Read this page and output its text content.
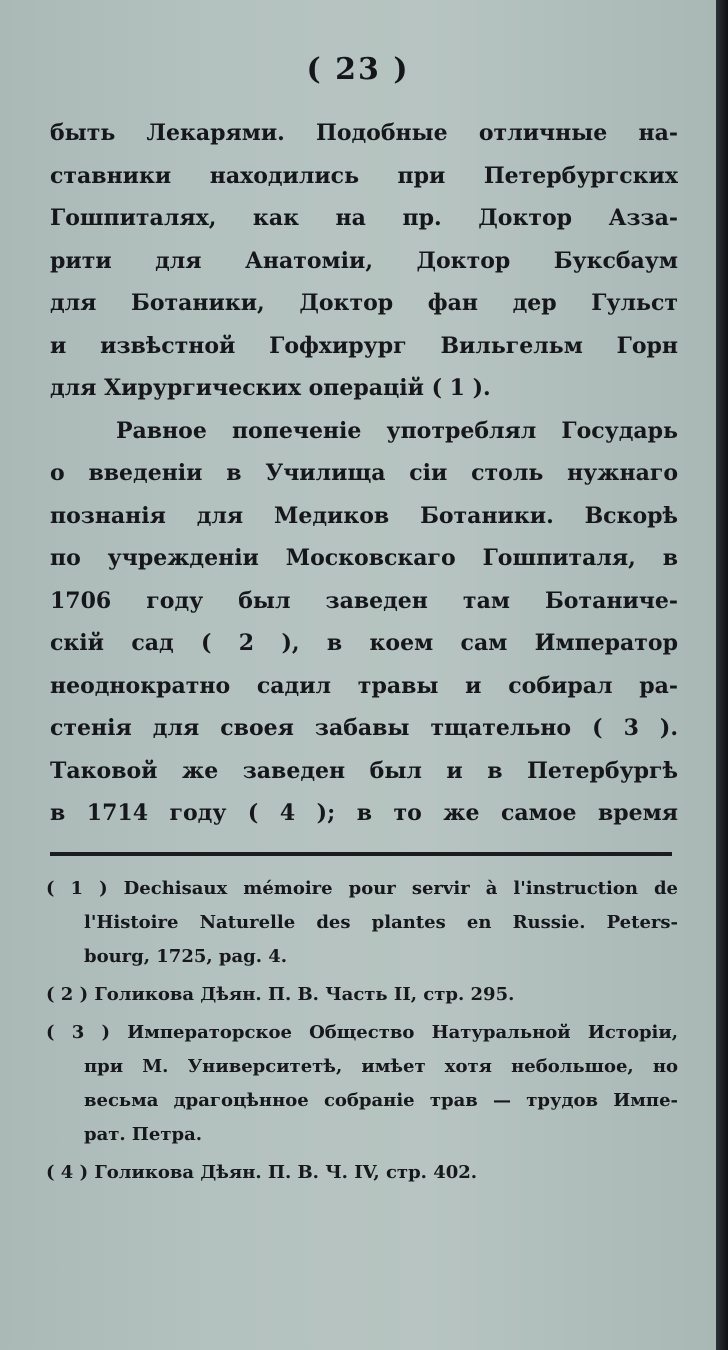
( 23 )
быть Лекарями. Подобные отличные на-
ставники находились при Петербургских
Гошпиталях, как на пр. Доктор Азза-
рити для Анатоміи, Доктор Буксбаум
для Ботаники, Доктор фан дер Гульст
и извѣстной Гофхирург Вильгельм Горн
для Хирургических операцій ( 1 ).
Равное попеченіе употреблял Государь
о введеніи в Училища сіи столь нужнаго
познанія для Медиков Ботаники. Вскорѣ
по учрежденіи Московскаго Гошпиталя, в
1706 году был заведен там Ботаниче-
скій сад ( 2 ), в коем сам Император
неоднократно садил травы и собирал ра-
стенія для своея забавы тщательно ( 3 ).
Таковой же заведен был и в Петербургѣ
в 1714 году ( 4 ); в то же самое время
( 1 ) Dechisaux mémoire pour servir à l'instruction de
l'Histoire Naturelle des plantes en Russie. Peters-
bourg, 1725, pag. 4.
( 2 ) Голикова Дѣян. П. В. Часть II, стр. 295.
( 3 ) Императорское Общество Натуральной Исторіи,
при М. Университетѣ, имѣет хотя небольшое, но
весьма драгоцѣнное собраніе трав — трудов Импе-
рат. Петра.
( 4 ) Голикова Дѣян. П. В. Ч. IV, стр. 402.
